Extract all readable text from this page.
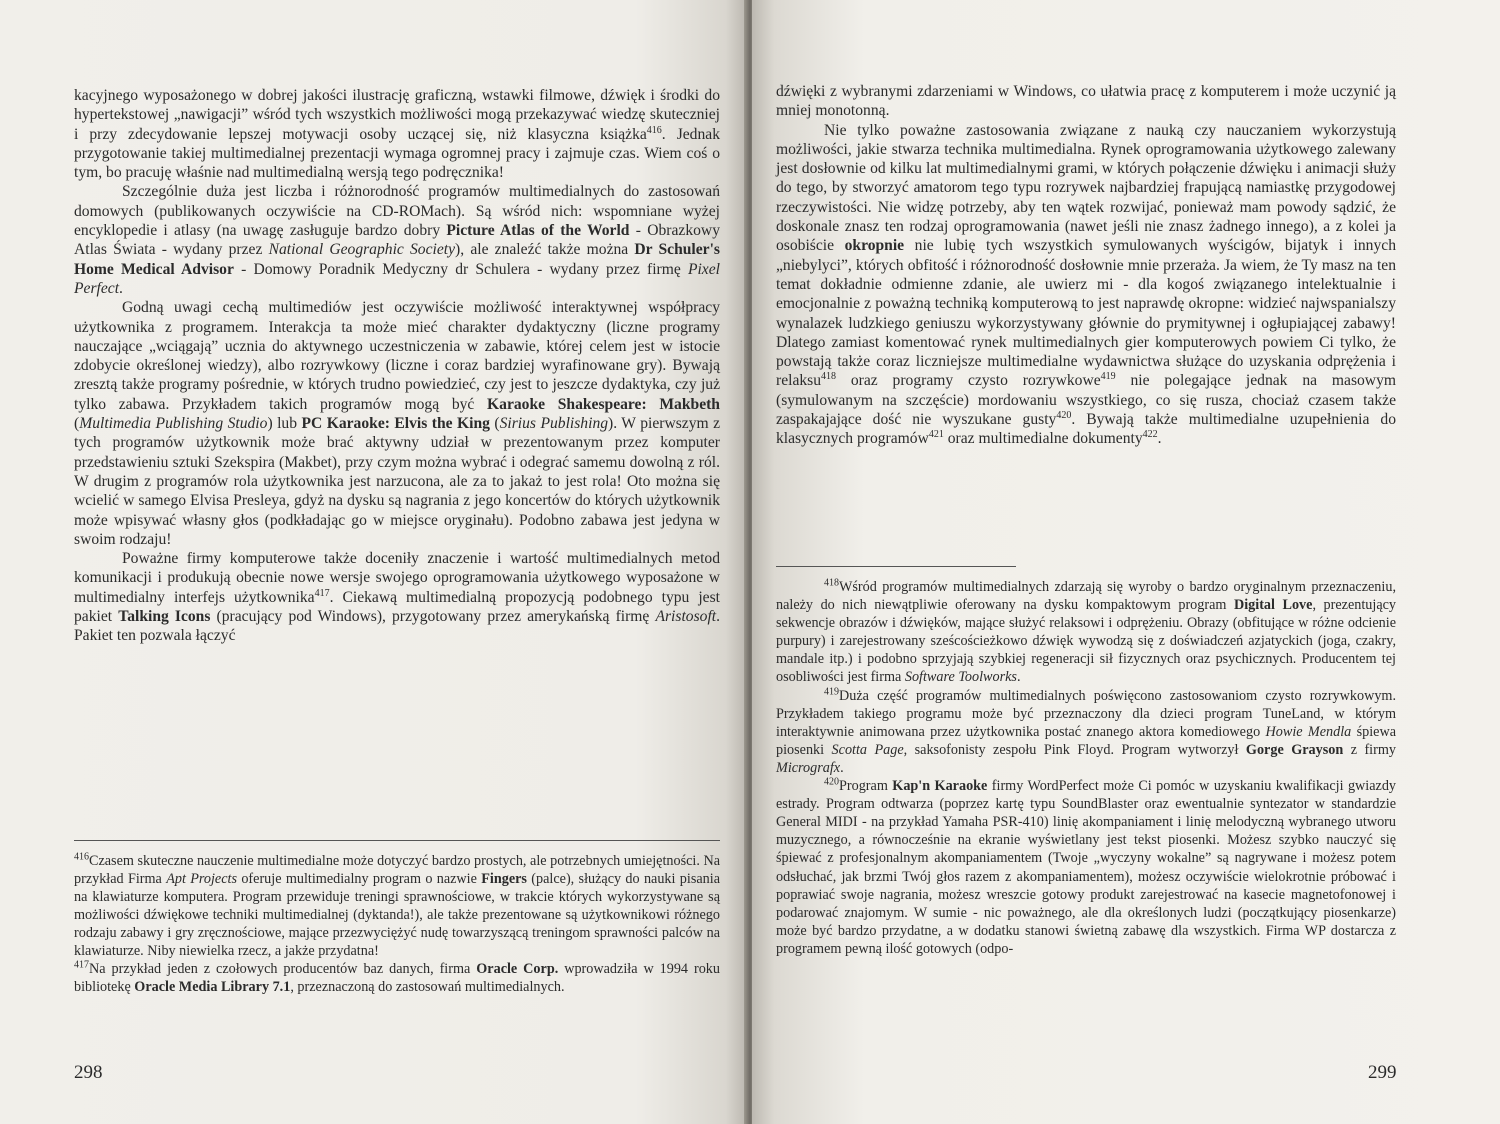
kacyjnego wyposażonego w dobrej jakości ilustrację graficzną, wstawki filmowe, dźwięk i środki do hypertekstowej „nawigacji” wśród tych wszystkich możliwości mogą przekazywać wiedzę skuteczniej i przy zdecydowanie lepszej motywacji osoby uczącej się, niż klasyczna książka$^{416}$. Jednak przygotowanie takiej multimedialnej prezentacji wymaga ogromnej pracy i zajmuje czas. Wiem coś o tym, bo pracuję właśnie nad multimedialną wersją tego podręcznika!

Szczególnie duża jest liczba i różnorodność programów multimedialnych do zastosowań domowych (publikowanych oczywiście na CD-ROMach). Są wśród nich: wspomniane wyżej encyklopedie i atlasy (na uwagę zasługuje bardzo dobry Picture Atlas of the World - Obrazkowy Atlas Świata - wydany przez National Geographic Society), ale znaleźć także można Dr Schuler's Home Medical Advisor - Domowy Poradnik Medyczny dr Schulera - wydany przez firmę Pixel Perfect.

Godną uwagi cechą multimediów jest oczywiście możliwość interaktywnej współpracy użytkownika z programem. Interakcja ta może mieć charakter dydaktyczny (liczne programy nauczające „wciągają” ucznia do aktywnego uczestniczenia w zabawie, której celem jest w istocie zdobycie określonej wiedzy), albo rozrywkowy (liczne i coraz bardziej wyrafinowane gry). Bywają zresztą także programy pośrednie, w których trudno powiedzieć, czy jest to jeszcze dydaktyka, czy już tylko zabawa. Przykładem takich programów mogą być Karaoke Shakespeare: Makbeth (Multimedia Publishing Studio) lub PC Karaoke: Elvis the King (Sirius Publishing). W pierwszym z tych programów użytkownik może brać aktywny udział w prezentowanym przez komputer przedstawieniu sztuki Szekspira (Makbet), przy czym można wybrać i odegrać samemu dowolną z ról. W drugim z programów rola użytkownika jest narzucona, ale za to jakaż to jest rola! Oto można się wcielić w samego Elvisa Presleya, gdyż na dysku są nagrania z jego koncertów do których użytkownik może wpisywać własny głos (podkładając go w miejsce oryginału). Podobno zabawa jest jedyna w swoim rodzaju!

Poważne firmy komputerowe także doceniły znaczenie i wartość multimedialnych metod komunikacji i produkują obecnie nowe wersje swojego oprogramowania użytkowego wyposażone w multimedialny interfejs użytkownika$^{417}$. Ciekawą multimedialną propozycją podobnego typu jest pakiet Talking Icons (pracujący pod Windows), przygotowany przez amerykańską firmę Aristosoft. Pakiet ten pozwala łączyć

$^{416}$Czasem skuteczne nauczenie multimedialne może dotyczyć bardzo prostych, ale potrzebnych umiejętności. Na przykład Firma Apt Projects oferuje multimedialny program o nazwie Fingers (palce), służący do nauki pisania na klawiaturze komputera. Program przewiduje treningi sprawnościowe, w trakcie których wykorzystywane są możliwości dźwiękowe techniki multimedialnej (dyktanda!), ale także prezentowane są użytkownikowi różnego rodzaju zabawy i gry zręcznościowe, mające przezwyciężyć nudę towarzyszącą treningom sprawności palców na klawiaturze. Niby niewielka rzecz, a jakże przydatna!

$^{417}$Na przykład jeden z czołowych producentów baz danych, firma Oracle Corp. wprowadziła w 1994 roku bibliotekę Oracle Media Library 7.1, przeznaczoną do zastosowań multimedialnych.

298

dźwięki z wybranymi zdarzeniami w Windows, co ułatwia pracę z komputerem i może uczynić ją mniej monotonną.

Nie tylko poważne zastosowania związane z nauką czy nauczaniem wykorzystują możliwości, jakie stwarza technika multimedialna. Rynek oprogramowania użytkowego zalewany jest dosłownie od kilku lat multimedialnymi grami, w których połączenie dźwięku i animacji służy do tego, by stworzyć amatorom tego typu rozrywek najbardziej frapującą namiastkę przygodowej rzeczywistości. Nie widzę potrzeby, aby ten wątek rozwijać, ponieważ mam powody sądzić, że doskonale znasz ten rodzaj oprogramowania (nawet jeśli nie znasz żadnego innego), a z kolei ja osobiście okropnie nie lubię tych wszystkich symulowanych wyścigów, bijatyk i innych „niebylyci”, których obfitość i różnorodność dosłownie mnie przeraża. Ja wiem, że Ty masz na ten temat dokładnie odmienne zdanie, ale uwierz mi - dla kogoś związanego intelektualnie i emocjonalnie z poważną techniką komputerową to jest naprawdę okropne: widzieć najwspanialszy wynalazek ludzkiego geniuszu wykorzystywany głównie do prymitywnej i ogłupiającej zabawy! Dlatego zamiast komentować rynek multimedialnych gier komputerowych powiem Ci tylko, że powstają także coraz liczniejsze multimedialne wydawnictwa służące do uzyskania odprężenia i relaksu$^{418}$ oraz programy czysto rozrywkowe$^{419}$ nie polegające jednak na masowym (symulowanym na szczęście) mordowaniu wszystkiego, co się rusza, chociaż czasem także zaspakajające dość nie wyszukane gusty$^{420}$. Bywają także multimedialne uzupełnienia do klasycznych programów$^{421}$ oraz multimedialne dokumenty$^{422}$.

$^{418}$Wśród programów multimedialnych zdarzają się wyroby o bardzo oryginalnym przeznaczeniu, należy do nich niewątpliwie oferowany na dysku kompaktowym program Digital Love, prezentujący sekwencje obrazów i dźwięków, mające służyć relaksowi i odprężeniu. Obrazy (obfitujące w różne odcienie purpury) i zarejestrowany sześcościeżkowo dźwięk wywodzą się z doświadczeń azjatyckich (joga, czakry, mandale itp.) i podobno sprzyjają szybkiej regeneracji sił fizycznych oraz psychicznych. Producentem tej osobliwości jest firma Software Toolworks.

$^{419}$Duża część programów multimedialnych poświęcono zastosowaniom czysto rozrywkowym. Przykładem takiego programu może być przeznaczony dla dzieci program TuneLand, w którym interaktywnie animowana przez użytkownika postać znanego aktora komediowego Howie Mendla śpiewa piosenki Scotta Page, saksofonisty zespołu Pink Floyd. Program wytworzył Gorge Grayson z firmy Micrografx.

$^{420}$Program Kap'n Karaoke firmy WordPerfect może Ci pomóc w uzyskaniu kwalifikacji gwiazdy estrady. Program odtwarza (poprzez kartę typu SoundBlaster oraz ewentualnie syntezator w standardzie General MIDI - na przykład Yamaha PSR-410) linię akompaniament i linię melodyczną wybranego utworu muzycznego, a równocześnie na ekranie wyświetlany jest tekst piosenki. Możesz szybko nauczyć się śpiewać z profesjonalnym akompaniamentem (Twoje „wyczyny wokalne” są nagrywane i możesz potem odsłuchać, jak brzmi Twój głos razem z akompaniamentem), możesz oczywiście wielokrotnie próbować i poprawiać swoje nagrania, możesz wreszcie gotowy produkt zarejestrować na kasecie magnetofonowej i podarować znajomym. W sumie - nic poważnego, ale dla określonych ludzi (początkujący piosenkarze) może być bardzo przydatne, a w dodatku stanowi świetną zabawę dla wszystkich. Firma WP dostarcza z programem pewną ilość gotowych (odpo-

299
